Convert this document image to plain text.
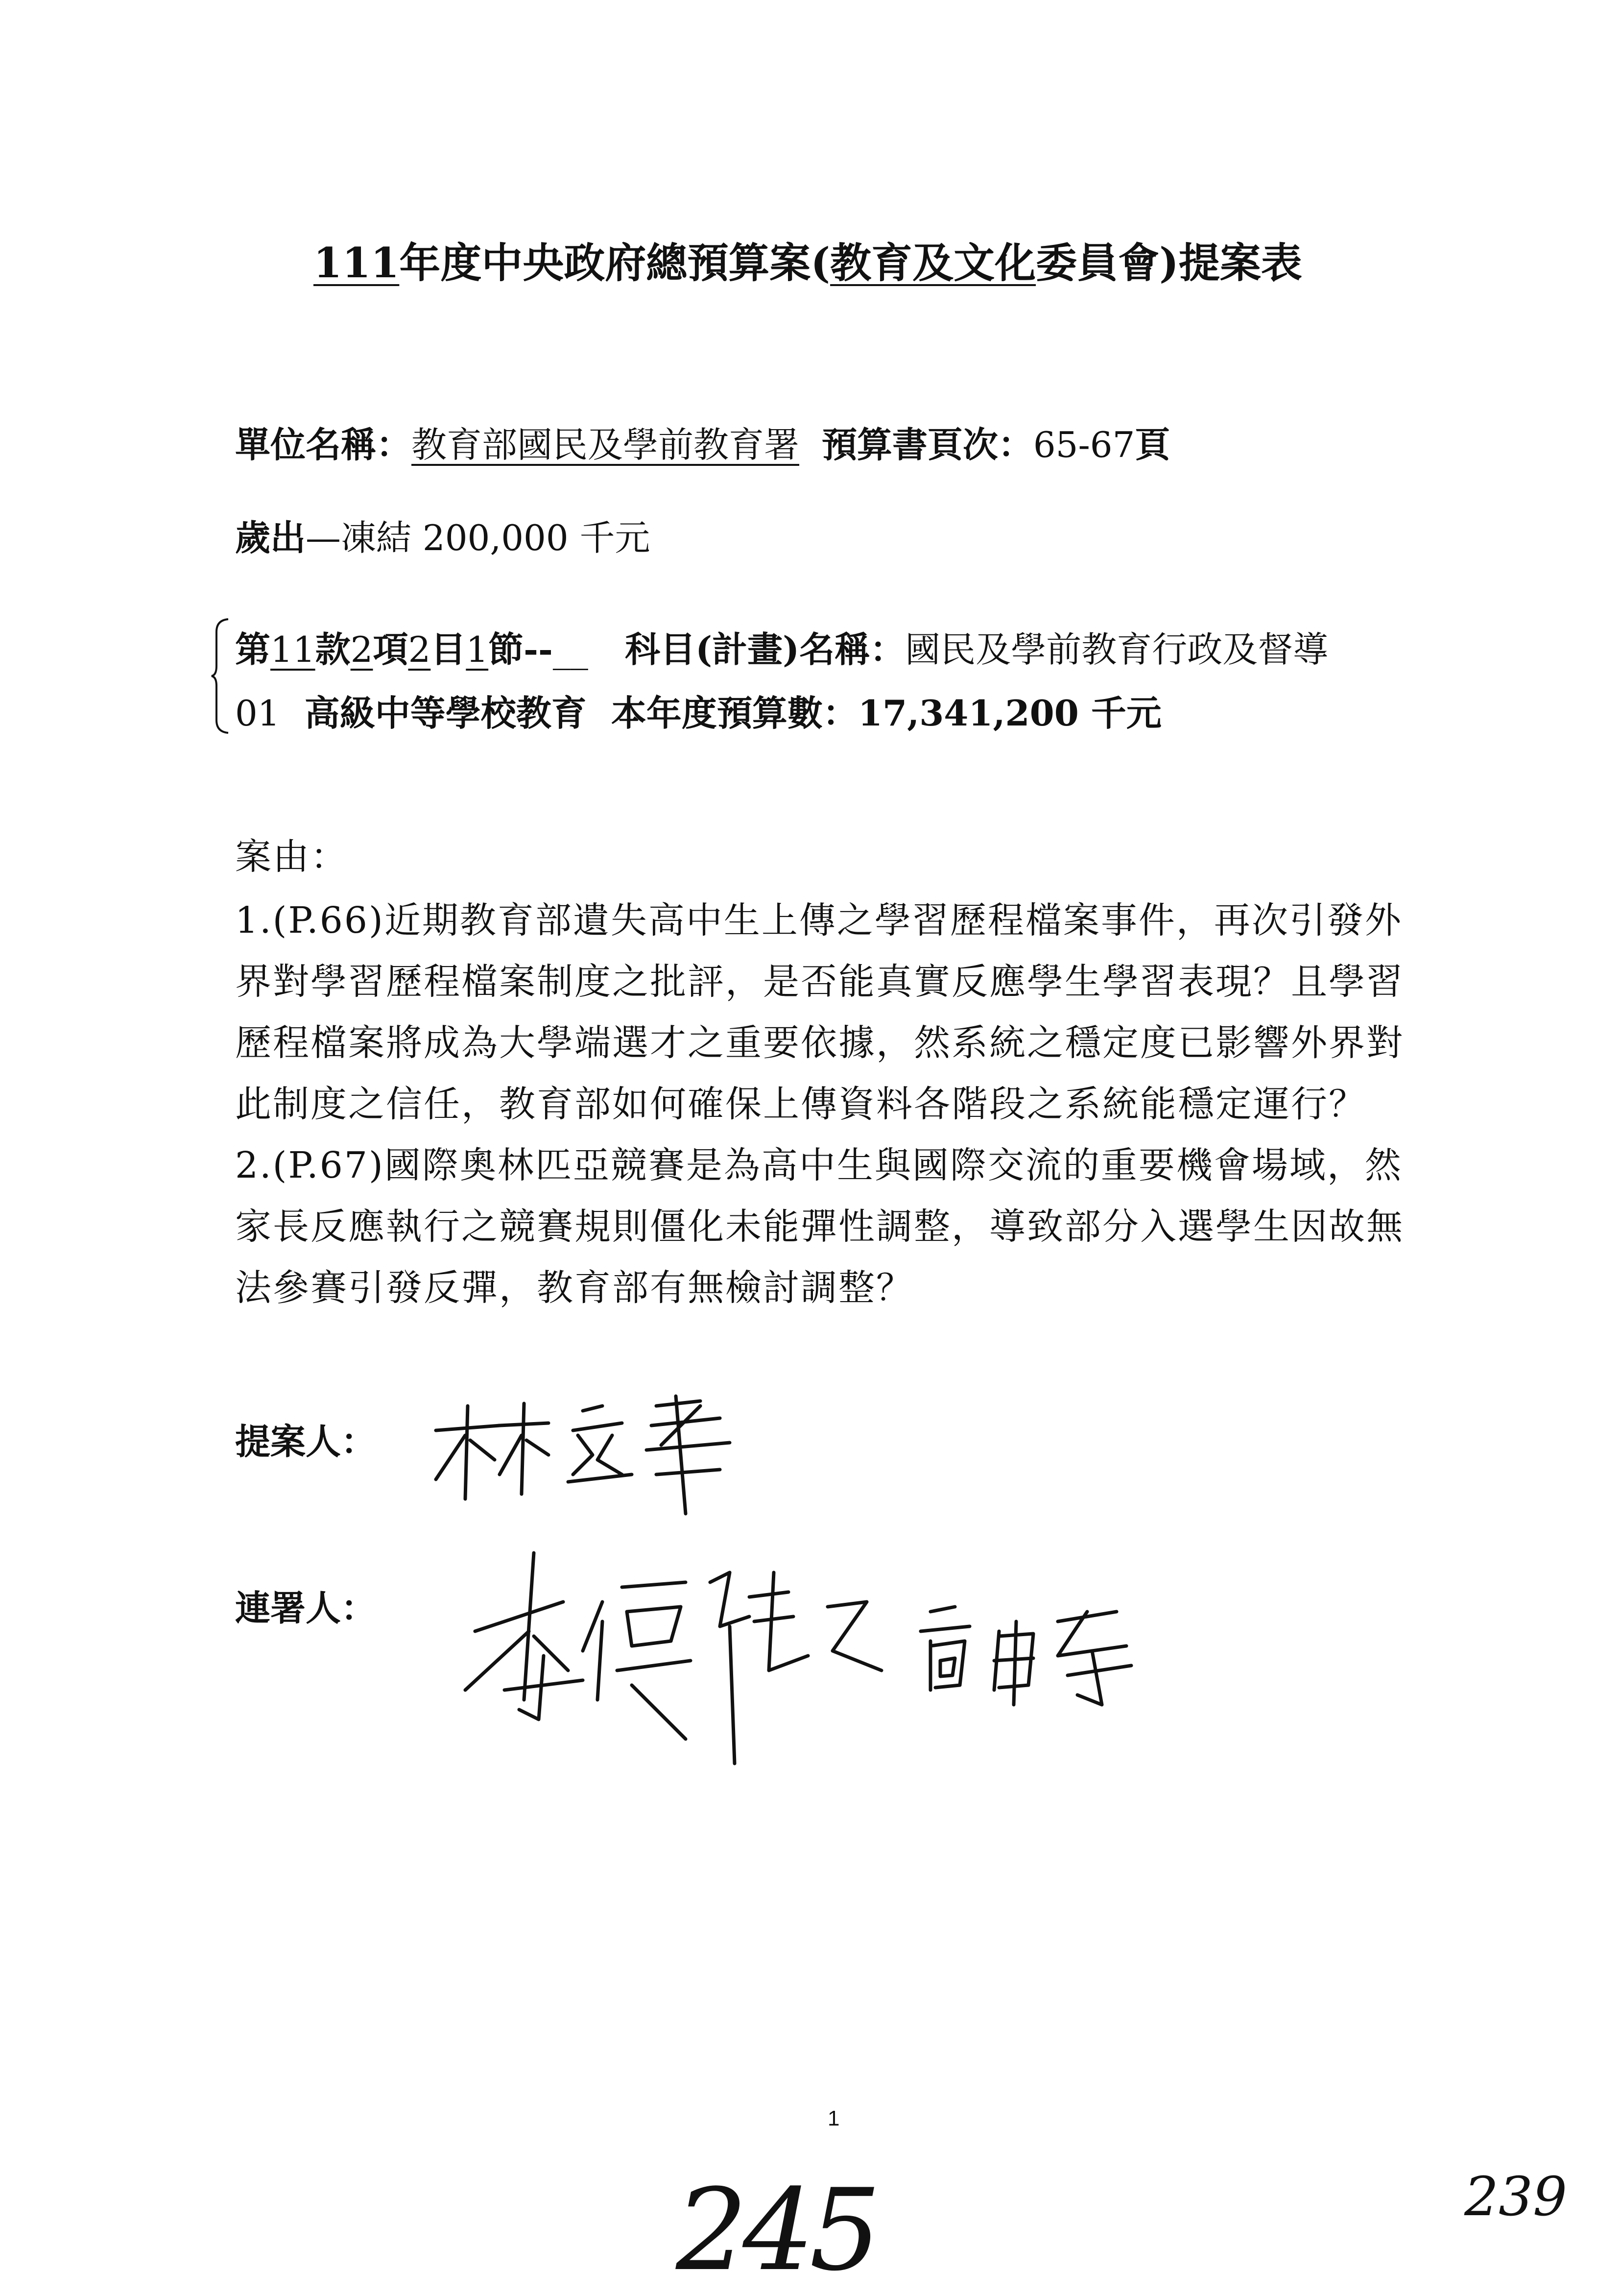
111年度中央政府總預算案(教育及文化委員會)提案表
單位名稱：教育部國民及學前教育署 預算書頁次：65-67頁
歲出—凍結 200,000 千元
第11款2項2目1節--__ 科目(計畫)名稱：國民及學前教育行政及督導
01 高級中等學校教育 本年度預算數：17,341,200 千元
案由：
1.(P.66)近期教育部遺失高中生上傳之學習歷程檔案事件，再次引發外
界對學習歷程檔案制度之批評，是否能真實反應學生學習表現？且學習
歷程檔案將成為大學端選才之重要依據，然系統之穩定度已影響外界對
此制度之信任，教育部如何確保上傳資料各階段之系統能穩定運行？
2.(P.67)國際奧林匹亞競賽是為高中生與國際交流的重要機會場域，然
家長反應執行之競賽規則僵化未能彈性調整，導致部分入選學生因故無
法參賽引發反彈，教育部有無檢討調整？
提案人：
連署人：
245
1
239
